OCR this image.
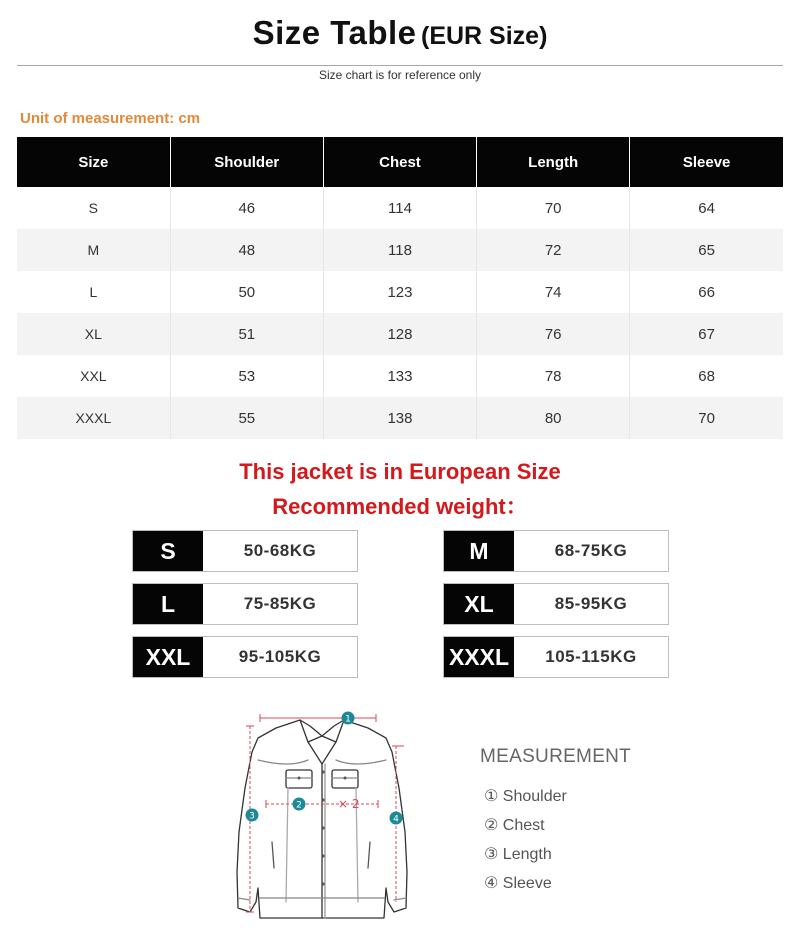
Size Table (EUR Size)
Size chart is for reference only
Unit of measurement: cm
Size	Shoulder	Chest	Length	Sleeve
S	46	114	70	64
M	48	118	72	65
L	50	123	74	66
XL	51	128	76	67
XXL	53	133	78	68
XXXL	55	138	80	70
This jacket is in European Size
Recommended weight：
S	50-68KG	M	68-75KG
L	75-85KG	XL	85-95KG
XXL	95-105KG	XXXL	105-115KG
1
2
3	4
× 2
MEASUREMENT
① Shoulder
② Chest
③ Length
④ Sleeve
